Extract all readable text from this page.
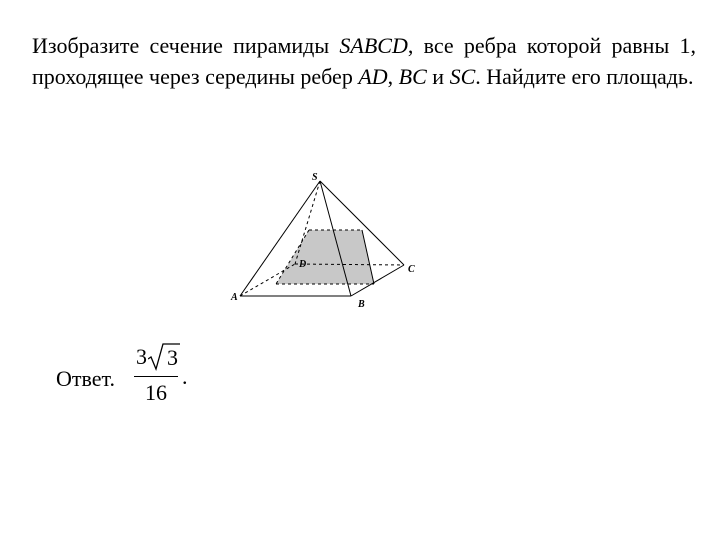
Изобразите сечение пирамиды SABCD, все ребра которой равны 1, проходящее через середины ребер AD, BC и SC. Найдите его площадь.

S
A
B
C
D
Ответ.
3 3
16
.
